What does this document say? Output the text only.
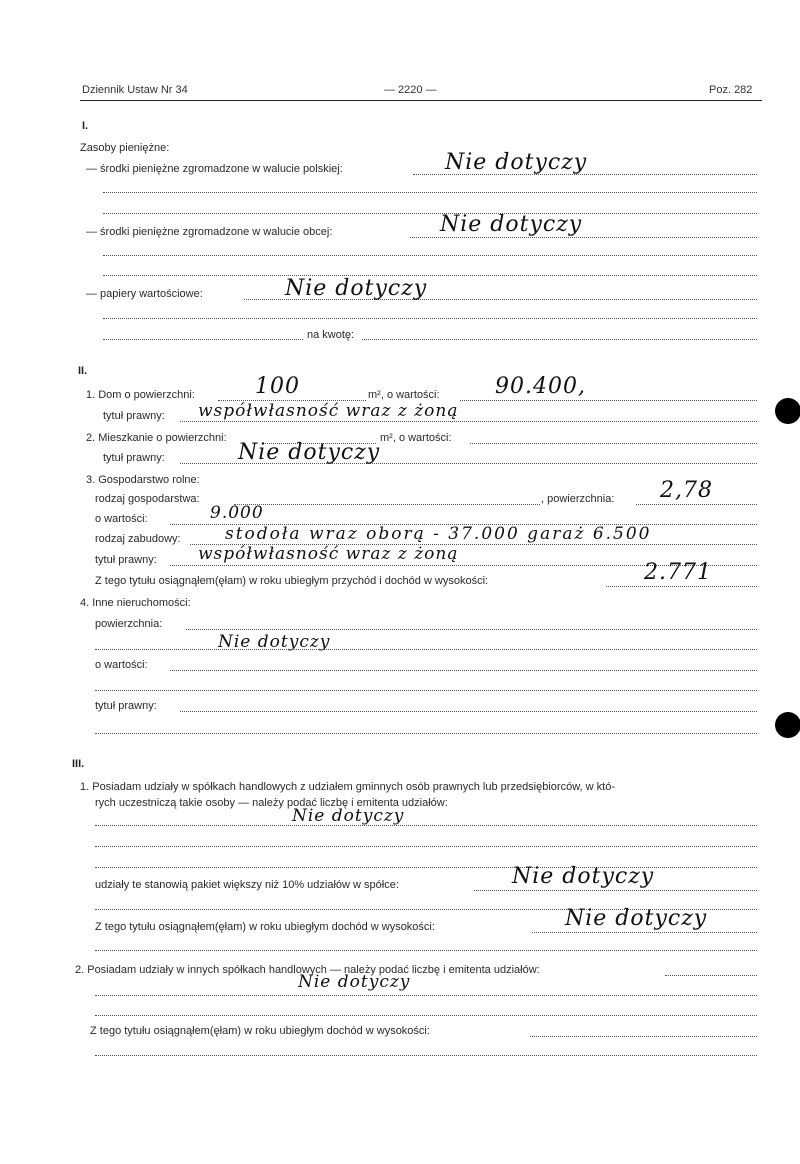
Dziennik Ustaw Nr 34	— 2220 —	Poz. 282
I.
Zasoby pieniężne:
— środki pieniężne zgromadzone w walucie polskiej:	Nie dotyczy
— środki pieniężne zgromadzone w walucie obcej:	Nie dotyczy
— papiery wartościowe:	Nie dotyczy
na kwotę:
II.
1. Dom o powierzchni:	100	m², o wartości:	90.400,
tytuł prawny: współwłasność wraz z żoną
2. Mieszkanie o powierzchni:	m², o wartości:
tytuł prawny:	Nie dotyczy
3. Gospodarstwo rolne:
rodzaj gospodarstwa:	, powierzchnia: 2,78
o wartości:	9.000
rodzaj zabudowy:	stodoła wraz oborą - 37.000 garaż 6.500
tytuł prawny: współwłasność wraz z żoną
Z tego tytułu osiągnąłem(ęłam) w roku ubiegłym przychód i dochód w wysokości:	2.771
4. Inne nieruchomości:
powierzchnia:
Nie dotyczy
o wartości:
tytuł prawny:
III.
1. Posiadam udziały w spółkach handlowych z udziałem gminnych osób prawnych lub przedsiębiorców, w któ-
rych uczestniczą takie osoby — należy podać liczbę i emitenta udziałów:
Nie dotyczy
udziały te stanowią pakiet większy niż 10% udziałów w spółce:	Nie dotyczy
Z tego tytułu osiągnąłem(ęłam) w roku ubiegłym dochód w wysokości:	Nie dotyczy
2. Posiadam udziały w innych spółkach handlowych — należy podać liczbę i emitenta udziałów:
Nie dotyczy
Z tego tytułu osiągnąłem(ęłam) w roku ubiegłym dochód w wysokości:
